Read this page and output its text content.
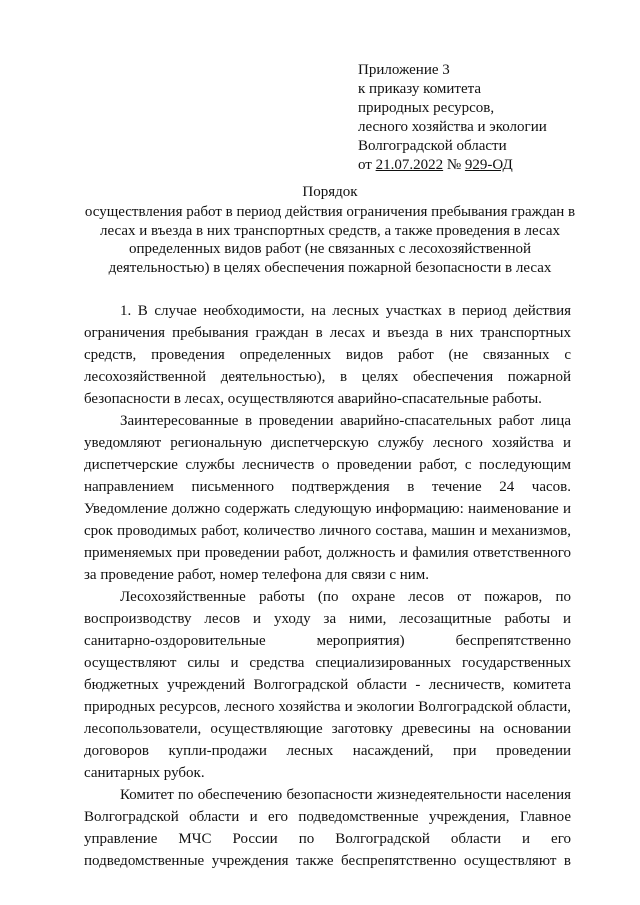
Приложение 3
к приказу комитета
природных ресурсов,
лесного хозяйства и экологии
Волгоградской области
от 21.07.2022 № 929-ОД
Порядок
осуществления работ в период действия ограничения пребывания граждан в лесах и въезда в них транспортных средств, а также проведения в лесах определенных видов работ (не связанных с лесохозяйственной деятельностью) в целях обеспечения пожарной безопасности в лесах

1. В случае необходимости, на лесных участках в период действия ограничения пребывания граждан в лесах и въезда в них транспортных средств, проведения определенных видов работ (не связанных с лесохозяйственной деятельностью), в целях обеспечения пожарной безопасности в лесах, осуществляются аварийно-спасательные работы.

Заинтересованные в проведении аварийно-спасательных работ лица уведомляют региональную диспетчерскую службу лесного хозяйства и диспетчерские службы лесничеств о проведении работ, с последующим направлением письменного подтверждения в течение 24 часов. Уведомление должно содержать следующую информацию: наименование и срок проводимых работ, количество личного состава, машин и механизмов, применяемых при проведении работ, должность и фамилия ответственного за проведение работ, номер телефона для связи с ним.

Лесохозяйственные работы (по охране лесов от пожаров, по воспроизводству лесов и уходу за ними, лесозащитные работы и санитарно-оздоровительные мероприятия) беспрепятственно осуществляют силы и средства специализированных государственных бюджетных учреждений Волгоградской области - лесничеств, комитета природных ресурсов, лесного хозяйства и экологии Волгоградской области, лесопользователи, осуществляющие заготовку древесины на основании договоров купли-продажи лесных насаждений, при проведении санитарных рубок.

Комитет по обеспечению безопасности жизнедеятельности населения Волгоградской области и его подведомственные учреждения, Главное управление МЧС России по Волгоградской области и его подведомственные учреждения также беспрепятственно осуществляют в
